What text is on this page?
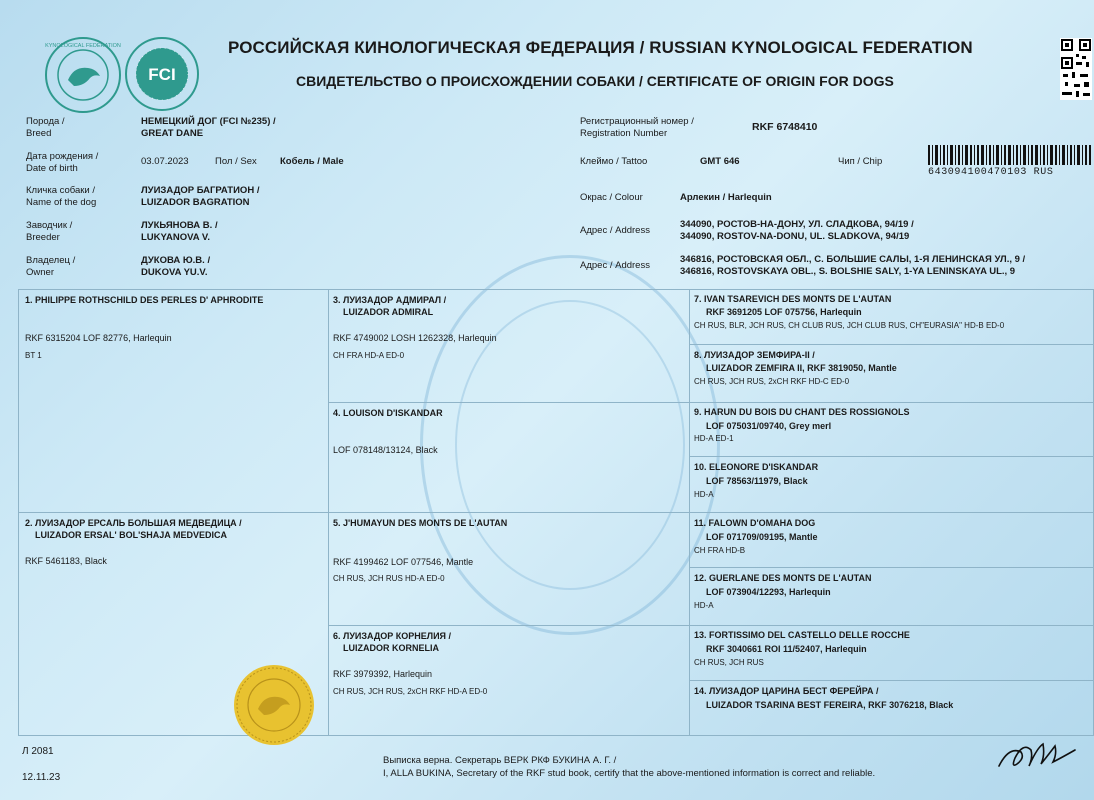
KYNOLOGICAL FEDERATION
FCI
РОССИЙСКАЯ КИНОЛОГИЧЕСКАЯ ФЕДЕРАЦИЯ / RUSSIAN KYNOLOGICAL FEDERATION
СВИДЕТЕЛЬСТВО О ПРОИСХОЖДЕНИИ СОБАКИ / CERTIFICATE OF ORIGIN FOR DOGS
Порода /
Breed
НЕМЕЦКИЙ ДОГ (FCI №235) /
GREAT DANE
Дата рождения /
Date of birth
03.07.2023	Пол / Sex Кобель / Male
Кличка собаки /
Name of the dog
ЛУИЗАДОР БАГРАТИОН /
LUIZADOR BAGRATION
Заводчик /
Breeder
ЛУКЬЯНОВА В. /
LUKYANOVA V.
Владелец /
Owner
ДУКОВА Ю.В. /
DUKOVA YU.V.
Регистрационный номер /
Registration Number
RKF 6748410
Клеймо / Tattoo	GMT 646	Чип / Chip
643094100470103 RUS
Окрас / Colour	Арлекин / Harlequin
Адрес / Address
344090, РОСТОВ-НА-ДОНУ, УЛ. СЛАДКОВА, 94/19 /
344090, ROSTOV-NA-DONU, UL. SLADKOVA, 94/19
Адрес / Address
346816, РОСТОВСКАЯ ОБЛ., С. БОЛЬШИЕ САЛЫ, 1-Я ЛЕНИНСКАЯ УЛ., 9 /
346816, ROSTOVSKAYA OBL., S. BOLSHIE SALY, 1-YA LENINSKAYA UL., 9
1. PHILIPPE ROTHSCHILD DES PERLES D' APHRODITE
RKF 6315204 LOF 82776, Harlequin
BT 1
2. ЛУИЗАДОР ЕРСАЛЬ БОЛЬШАЯ МЕДВЕДИЦА /
LUIZADOR ERSAL' BOL'SHAJA MEDVEDICA
RKF 5461183, Black
3. ЛУИЗАДОР АДМИРАЛ /
LUIZADOR ADMIRAL
RKF 4749002 LOSH 1262328, Harlequin
CH FRA HD-A ED-0
4. LOUISON D'ISKANDAR
LOF 078148/13124, Black
5. J'HUMAYUN DES MONTS DE L'AUTAN
RKF 4199462 LOF 077546, Mantle
CH RUS, JCH RUS HD-A ED-0
6. ЛУИЗАДОР КОРНЕЛИЯ /
LUIZADOR KORNELIA
RKF 3979392, Harlequin
CH RUS, JCH RUS, 2xCH RKF HD-A ED-0
7. IVAN TSAREVICH DES MONTS DE L'AUTAN
RKF 3691205 LOF 075756, Harlequin
CH RUS, BLR, JCH RUS, CH CLUB RUS, JCH CLUB RUS, CH"EURASIA" HD-B ED-0
8. ЛУИЗАДОР ЗЕМФИРА-II /
LUIZADOR ZEMFIRA II, RKF 3819050, Mantle
CH RUS, JCH RUS, 2xCH RKF HD-C ED-0
9. HARUN DU BOIS DU CHANT DES ROSSIGNOLS
LOF 075031/09740, Grey merl
HD-A ED-1
10. ELEONORE D'ISKANDAR
LOF 78563/11979, Black
HD-A
11. FALOWN D'OMAHA DOG
LOF 071709/09195, Mantle
CH FRA HD-B
12. GUERLANE DES MONTS DE L'AUTAN
LOF 073904/12293, Harlequin
HD-A
13. FORTISSIMO DEL CASTELLO DELLE ROCCHE
RKF 3040661 ROI 11/52407, Harlequin
CH RUS, JCH RUS
14. ЛУИЗАДОР ЦАРИНА БЕСТ ФЕРЕЙРА /
LUIZADOR TSARINA BEST FEREIRA, RKF 3076218, Black
Л 2081
12.11.23
Выписка верна. Секретарь ВЕРК РКФ БУКИНА А. Г. /
I, ALLA BUKINA, Secretary of the RKF stud book, certify that the above-mentioned information is correct and reliable.
